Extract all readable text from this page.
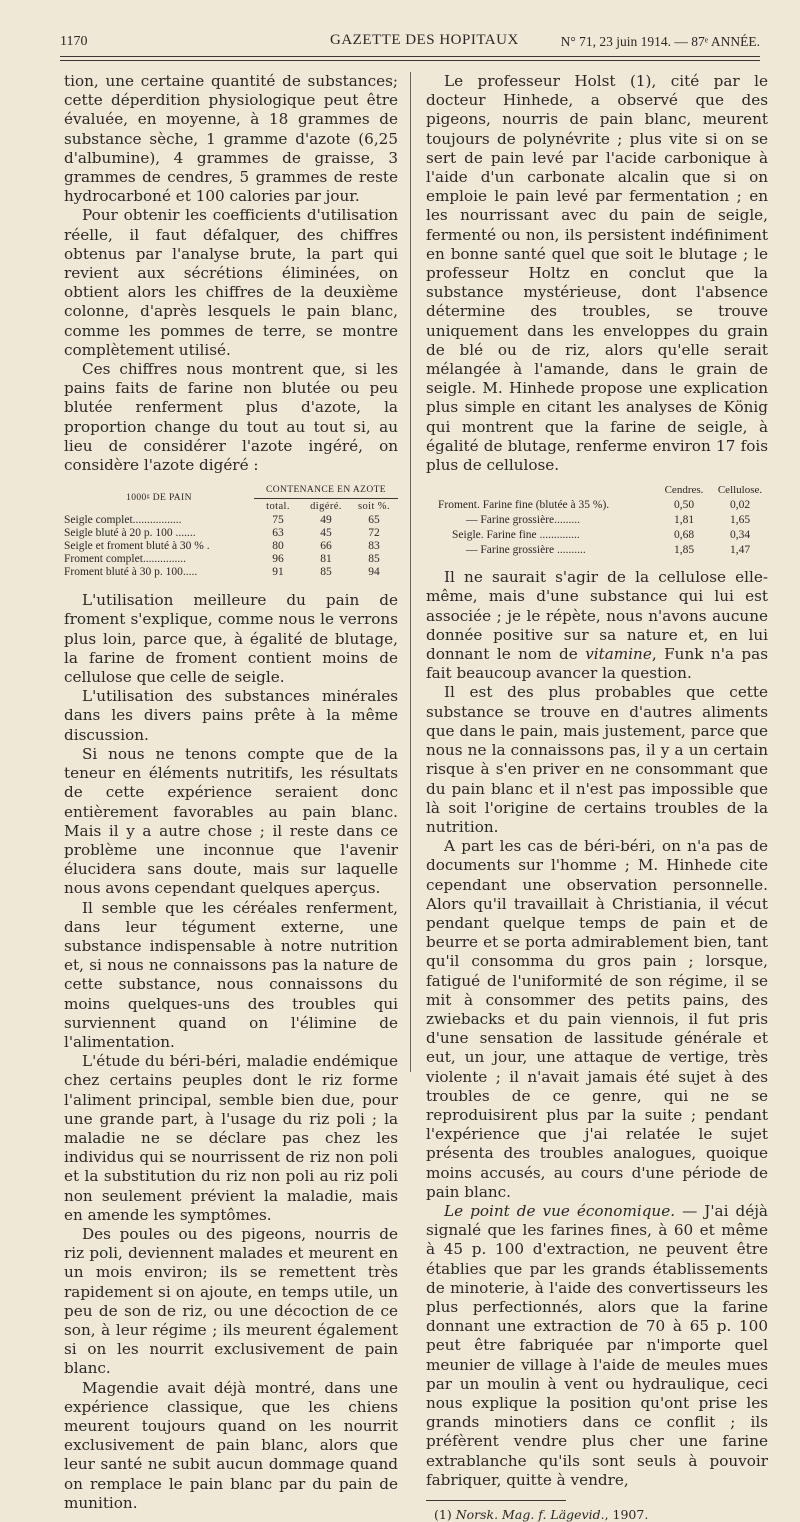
1170	GAZETTE DES HOPITAUX	N° 71, 23 juin 1914. — 87ᵉ ANNÉE.

tion, une certaine quantité de substances; cette déperdition physiologique peut être évaluée, en moyenne, à 18 grammes de substance sèche, 1 gramme d'azote (6,25 d'albumine), 4 grammes de graisse, 3 grammes de cendres, 5 grammes de reste hydrocarboné et 100 calories par jour.

Pour obtenir les coefficients d'utilisation réelle, il faut défalquer, des chiffres obtenus par l'analyse brute, la part qui revient aux sécrétions éliminées, on obtient alors les chiffres de la deuxième colonne, d'après lesquels le pain blanc, comme les pommes de terre, se montre complètement utilisé.

Ces chiffres nous montrent que, si les pains faits de farine non blutée ou peu blutée renferment plus d'azote, la proportion change du tout au tout si, au lieu de considérer l'azote ingéré, on considère l'azote digéré :

1000ᵍ DE PAIN	CONTENANCE EN AZOTE		
	total.	digéré.	soit %.
Seigle complet.................	75	49	65
Seigle bluté à 20 p. 100 .......	63	45	72
Seigle et froment bluté à 30 % .	80	66	83
Froment complet...............	96	81	85
Froment bluté à 30 p. 100.....	91	85	94

L'utilisation meilleure du pain de froment s'explique, comme nous le verrons plus loin, parce que, à égalité de blutage, la farine de froment contient moins de cellulose que celle de seigle.

L'utilisation des substances minérales dans les divers pains prête à la même discussion.

Si nous ne tenons compte que de la teneur en éléments nutritifs, les résultats de cette expérience seraient donc entièrement favorables au pain blanc. Mais il y a autre chose ; il reste dans ce problème une inconnue que l'avenir élucidera sans doute, mais sur laquelle nous avons cependant quelques aperçus.

Il semble que les céréales renferment, dans leur tégument externe, une substance indispensable à notre nutrition et, si nous ne connaissons pas la nature de cette substance, nous connaissons du moins quelques-uns des troubles qui surviennent quand on l'élimine de l'alimentation.

L'étude du béri-béri, maladie endémique chez certains peuples dont le riz forme l'aliment principal, semble bien due, pour une grande part, à l'usage du riz poli ; la maladie ne se déclare pas chez les individus qui se nourrissent de riz non poli et la substitution du riz non poli au riz poli non seulement prévient la maladie, mais en amende les symptômes.

Des poules ou des pigeons, nourris de riz poli, deviennent malades et meurent en un mois environ; ils se remettent très rapidement si on ajoute, en temps utile, un peu de son de riz, ou une décoction de ce son, à leur régime ; ils meurent également si on les nourrit exclusivement de pain blanc.

Magendie avait déjà montré, dans une expérience classique, que les chiens meurent toujours quand on les nourrit exclusivement de pain blanc, alors que leur santé ne subit aucun dommage quand on remplace le pain blanc par du pain de munition.

Le professeur Holst (1), cité par le docteur Hinhede, a observé que des pigeons, nourris de pain blanc, meurent toujours de polynévrite ; plus vite si on se sert de pain levé par l'acide carbonique à l'aide d'un carbonate alcalin que si on emploie le pain levé par fermentation ; en les nourrissant avec du pain de seigle, fermenté ou non, ils persistent indéfiniment en bonne santé quel que soit le blutage ; le professeur Holtz en conclut que la substance mystérieuse, dont l'absence détermine des troubles, se trouve uniquement dans les enveloppes du grain de blé ou de riz, alors qu'elle serait mélangée à l'amande, dans le grain de seigle. M. Hinhede propose une explication plus simple en citant les analyses de König qui montrent que la farine de seigle, à égalité de blutage, renferme environ 17 fois plus de cellulose.

	Cendres.	Cellulose.
Froment. Farine fine (blutée à 35 %).	0,50	0,02
— Farine grossière.........	1,81	1,65
Seigle. Farine fine ..............	0,68	0,34
— Farine grossière ..........	1,85	1,47

Il ne saurait s'agir de la cellulose elle-même, mais d'une substance qui lui est associée ; je le répète, nous n'avons aucune donnée positive sur sa nature et, en lui donnant le nom de vitamine, Funk n'a pas fait beaucoup avancer la question.

Il est des plus probables que cette substance se trouve en d'autres aliments que dans le pain, mais justement, parce que nous ne la connaissons pas, il y a un certain risque à s'en priver en ne consommant que du pain blanc et il n'est pas impossible que là soit l'origine de certains troubles de la nutrition.

A part les cas de béri-béri, on n'a pas de documents sur l'homme ; M. Hinhede cite cependant une observation personnelle. Alors qu'il travaillait à Christiania, il vécut pendant quelque temps de pain et de beurre et se porta admirablement bien, tant qu'il consomma du gros pain ; lorsque, fatigué de l'uniformité de son régime, il se mit à consommer des petits pains, des zwiebacks et du pain viennois, il fut pris d'une sensation de lassitude générale et eut, un jour, une attaque de vertige, très violente ; il n'avait jamais été sujet à des troubles de ce genre, qui ne se reproduisirent plus par la suite ; pendant l'expérience que j'ai relatée le sujet présenta des troubles analogues, quoique moins accusés, au cours d'une période de pain blanc.

Le point de vue économique. — J'ai déjà signalé que les farines fines, à 60 et même à 45 p. 100 d'extraction, ne peuvent être établies que par les grands établissements de minoterie, à l'aide des convertisseurs les plus perfectionnés, alors que la farine donnant une extraction de 70 à 65 p. 100 peut être fabriquée par n'importe quel meunier de village à l'aide de meules mues par un moulin à vent ou hydraulique, ceci nous explique la position qu'ont prise les grands minotiers dans ce conflit ; ils préfèrent vendre plus cher une farine extrablanche qu'ils sont seuls à pouvoir fabriquer, quitte à vendre,

(1) Norsk. Mag. f. Lägevid., 1907.
